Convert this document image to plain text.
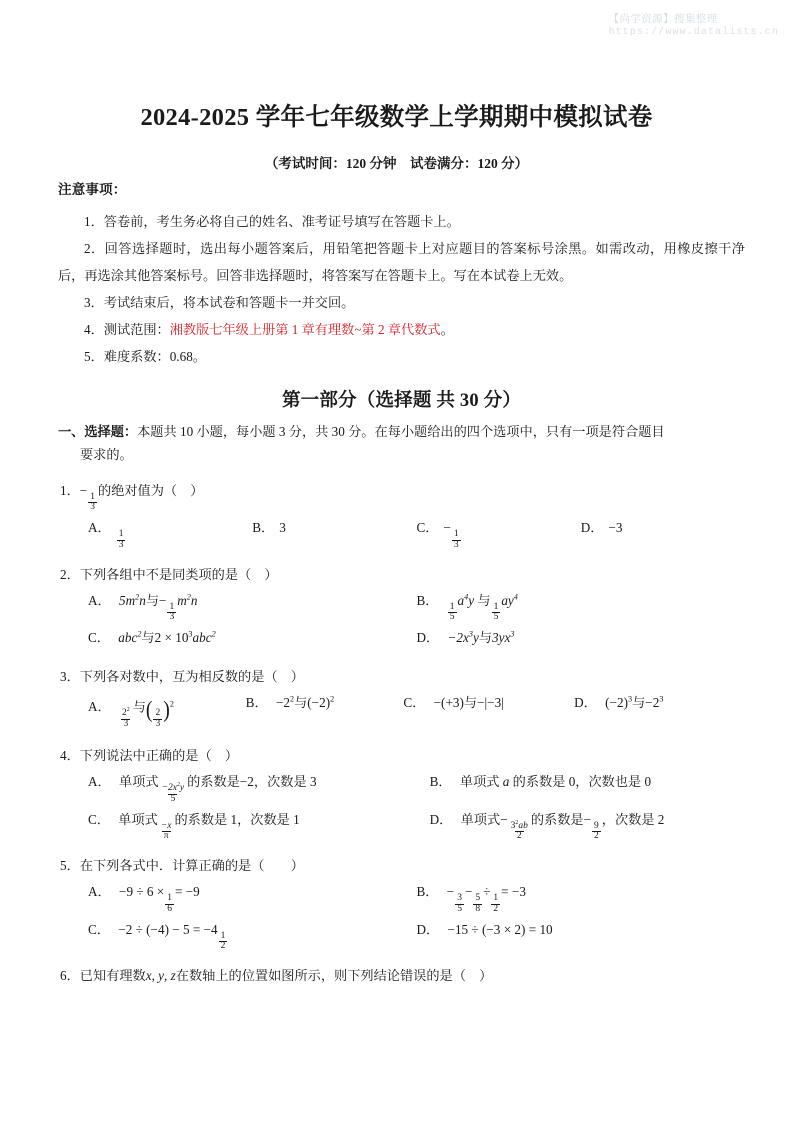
【尚学资源】搜集整理
https://www.datalists.cn
2024-2025 学年七年级数学上学期期中模拟试卷
（考试时间：120 分钟　试卷满分：120 分）
注意事项：

1．答卷前，考生务必将自己的姓名、准考证号填写在答题卡上。

2．回答选择题时，选出每小题答案后，用铅笔把答题卡上对应题目的答案标号涂黑。如需改动，用橡皮擦干净后，再选涂其他答案标号。回答非选择题时，将答案写在答题卡上。写在本试卷上无效。

3．考试结束后，将本试卷和答题卡一并交回。

4．测试范围：湘教版七年级上册第 1 章有理数~第 2 章代数式。

5．难度系数：0.68。

第一部分（选择题 共 30 分）

一、选择题：本题共 10 小题，每小题 3 分，共 30 分。在每小题给出的四个选项中，只有一项是符合题目
要求的。

1．−
$\frac{1}{3}$
的绝对值为（　）
A．
$\frac{1}{3}$
B． 3	C． −
$\frac{1}{3}$
D． −3
2．下列各组中不是同类项的是（　）
A． $5m^2n$与−
$\frac{1}{3}$
$m^2n$	B．
$\frac{1}{5}$
$a^4y$ 与
$\frac{1}{5}$
$ay^4$
C． abc$^2$与$2 \times 10^3abc^2$	D． $-2x^3y$与$3yx^3$
3．下列各对数中，互为相反数的是（　）
A．
$\frac{2^2}{3}$
与( $\frac{2}{3} )^2$	B． $-2^2$与$(-2)^2$	C． −(+3)与−|−3|	D． $(-2)^3$与$-2^3$
4．下列说法中正确的是（　）
A． 单项式
$\frac{-2x^2y}{5}$
的系数是−2，次数是 3	B． 单项式 a 的系数是 0，次数也是 0
C． 单项式
$\frac{-x}{\pi}$
的系数是 1，次数是 1	D． 单项式−
$\frac{3^2ab}{2}$
的系数是−
$\frac{9}{2}$
，次数是 2
5．在下列各式中．计算正确的是（　　）
A． −9 ÷ 6 ×
$\frac{1}{6}$
= −9	B． −
$\frac{3}{5}$
−
$\frac{5}{8}$
÷
$\frac{1}{2}$
= −3
C． −2 ÷ (−4) − 5 = −4
$\frac{1}{2}$
D． −15 ÷ (−3 × 2) = 10
6．已知有理数x, y, z在数轴上的位置如图所示，则下列结论错误的是（　）
